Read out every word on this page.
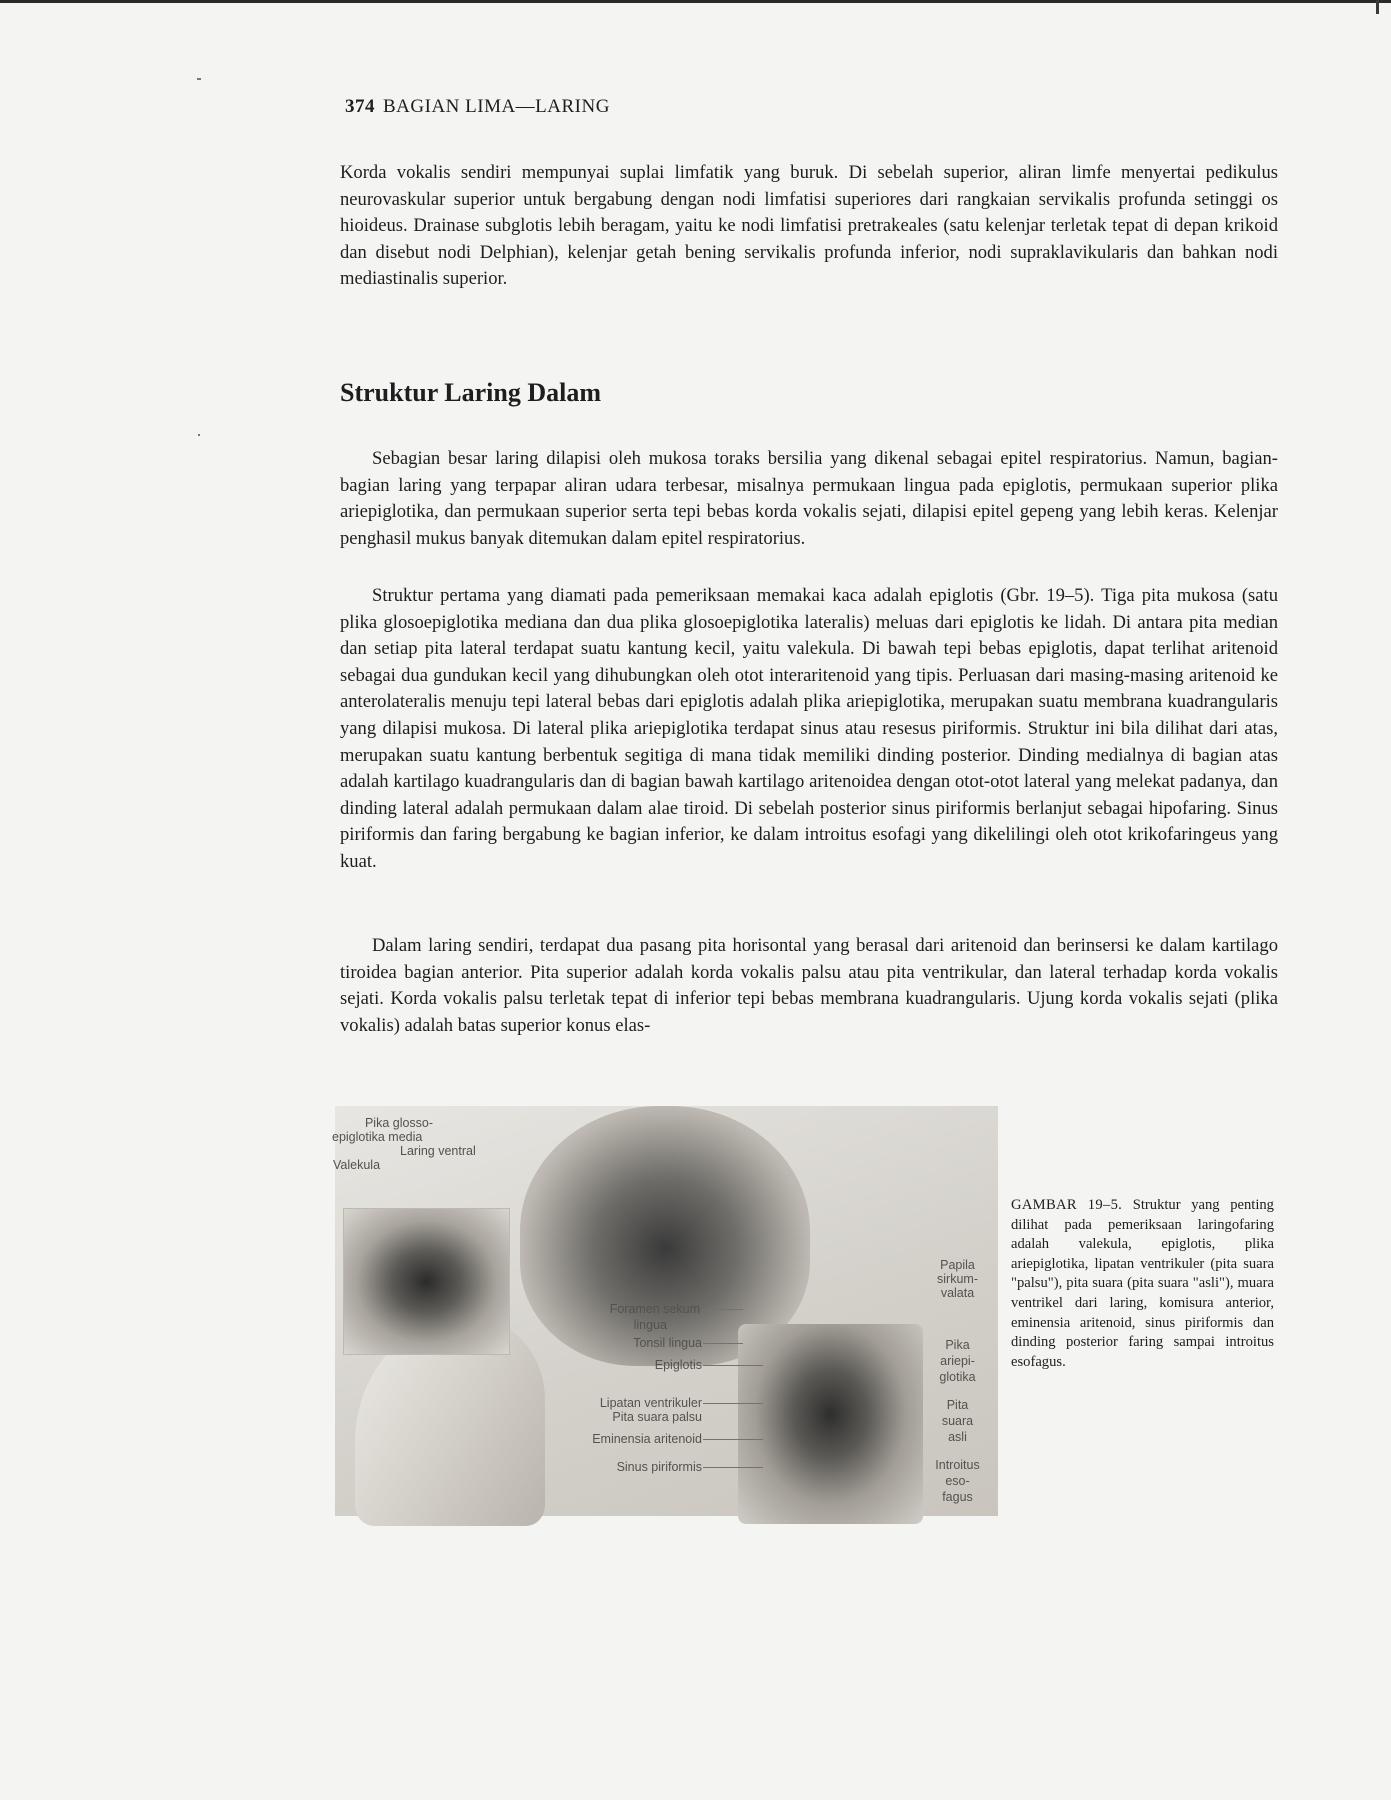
374 BAGIAN LIMA—LARING

Korda vokalis sendiri mempunyai suplai limfatik yang buruk. Di sebelah superior, aliran limfe menyertai pedikulus neurovaskular superior untuk bergabung dengan nodi limfatisi superiores dari rangkaian servikalis profunda setinggi os hioideus. Drainase subglotis lebih beragam, yaitu ke nodi limfatisi pretrakeales (satu kelenjar terletak tepat di depan krikoid dan disebut nodi Delphian), kelenjar getah bening servikalis profunda inferior, nodi supraklavikularis dan bahkan nodi mediastinalis superior.

Struktur Laring Dalam

Sebagian besar laring dilapisi oleh mukosa toraks bersilia yang dikenal sebagai epitel respiratorius. Namun, bagian-bagian laring yang terpapar aliran udara terbesar, misalnya permukaan lingua pada epiglotis, permukaan superior plika ariepiglotika, dan permukaan superior serta tepi bebas korda vokalis sejati, dilapisi epitel gepeng yang lebih keras. Kelenjar penghasil mukus banyak ditemukan dalam epitel respiratorius.

Struktur pertama yang diamati pada pemeriksaan memakai kaca adalah epiglotis (Gbr. 19–5). Tiga pita mukosa (satu plika glosoepiglotika mediana dan dua plika glosoepiglotika lateralis) meluas dari epiglotis ke lidah. Di antara pita median dan setiap pita lateral terdapat suatu kantung kecil, yaitu valekula. Di bawah tepi bebas epiglotis, dapat terlihat aritenoid sebagai dua gundukan kecil yang dihubungkan oleh otot interaritenoid yang tipis. Perluasan dari masing-masing aritenoid ke anterolateralis menuju tepi lateral bebas dari epiglotis adalah plika ariepiglotika, merupakan suatu membrana kuadrangularis yang dilapisi mukosa. Di lateral plika ariepiglotika terdapat sinus atau resesus piriformis. Struktur ini bila dilihat dari atas, merupakan suatu kantung berbentuk segitiga di mana tidak memiliki dinding posterior. Dinding medialnya di bagian atas adalah kartilago kuadrangularis dan di bagian bawah kartilago aritenoidea dengan otot-otot lateral yang melekat padanya, dan dinding lateral adalah permukaan dalam alae tiroid. Di sebelah posterior sinus piriformis berlanjut sebagai hipofaring. Sinus piriformis dan faring bergabung ke bagian inferior, ke dalam introitus esofagi yang dikelilingi oleh otot krikofaringeus yang kuat.

Dalam laring sendiri, terdapat dua pasang pita horisontal yang berasal dari aritenoid dan berinsersi ke dalam kartilago tiroidea bagian anterior. Pita superior adalah korda vokalis palsu atau pita ventrikular, dan lateral terhadap korda vokalis sejati. Korda vokalis palsu terletak tepat di inferior tepi bebas membrana kuadrangularis. Ujung korda vokalis sejati (plika vokalis) adalah batas superior konus elas-

Pika glosso-
epiglotika media
Laring ventral
Valekula
Foramen sekum
lingua
Tonsil lingua
Epiglotis
Lipatan ventrikuler
Pita suara palsu
Eminensia aritenoid
Sinus piriformis
Papila
sirkum-
valata
Pika
ariepi-
glotika
Pita
suara
asli
Introitus
eso-
fagus
GAMBAR 19–5. Struktur yang penting dilihat pada pemeriksaan laringofaring adalah valekula, epiglotis, plika ariepiglotika, lipatan ventrikuler (pita suara "palsu"), pita suara (pita suara "asli"), muara ventrikel dari laring, komisura anterior, eminensia aritenoid, sinus piriformis dan dinding posterior faring sampai introitus esofagus.
